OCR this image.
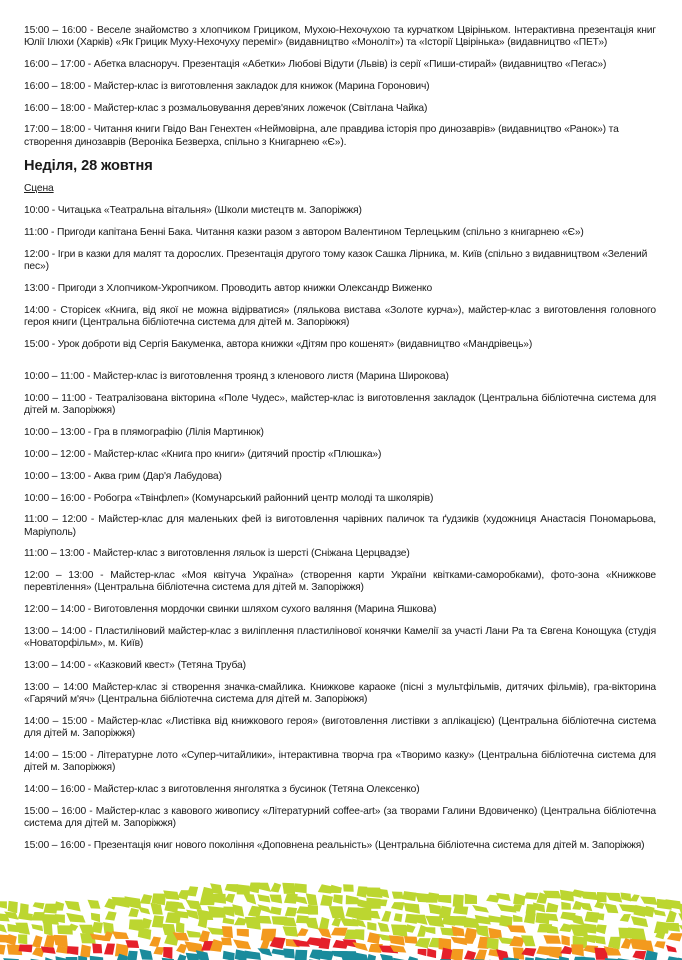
15:00 – 16:00 - Веселе знайомство з хлопчиком Грициком, Мухою-Нехочухою та курчатком Цвіріньком. Інтерактивна презентація книг Юлії Ілюхи (Харків) «Як Грицик Муху-Нехочуху переміг» (видавництво «Моноліт») та «Історії Цвірінька» (видавництво «ПЕТ»)

16:00 – 17:00 - Абетка власноруч. Презентація «Абетки» Любові Відути (Львів) із серії «Пиши-стирай» (видавництво «Пегас»)

16:00 – 18:00 - Майстер-клас із виготовлення закладок для книжок (Марина Горонович)

16:00 – 18:00 - Майстер-клас з розмальовування дерев'яних ложечок (Світлана Чайка)

17:00 – 18:00 - Читання книги Гвідо Ван Генехтен «Неймовірна, але правдива історія про динозаврів» (видавництво «Ранок») та створення динозаврів (Вероніка Безверха, спільно з Книгарнею «Є»).

Неділя, 28 жовтня
Сцена

10:00 - Читацька «Театральна вітальня» (Школи мистецтв м. Запоріжжя)

11:00 - Пригоди капітана Бенні Бака. Читання казки разом з автором Валентином Терлецьким (спільно з книгарнею «Є»)

12:00 - Ігри в казки для малят та дорослих. Презентація другого тому казок Сашка Лірника, м. Київ (спільно з видавництвом «Зелений пес»)

13:00 - Пригоди з Хлопчиком-Укропчиком. Проводить автор книжки Олександр Виженко

14:00 - Сторісек «Книга, від якої не можна відірватися» (лялькова вистава «Золоте курча»), майстер-клас з виготовлення головного героя книги (Центральна бібліотечна система для дітей м. Запоріжжя)

15:00 - Урок доброти від Сергія Бакуменка, автора книжки «Дітям про кошенят» (видавництво «Мандрівець»)

10:00 – 11:00 - Майстер-клас із виготовлення троянд з кленового листя (Марина Широкова)

10:00 – 11:00 - Театралізована вікторина «Поле Чудес», майстер-клас із виготовлення закладок (Центральна бібліотечна система для дітей м. Запоріжжя)

10:00 – 13:00 - Гра в плямографію (Лілія Мартинюк)

10:00 – 12:00 - Майстер-клас «Книга про книги» (дитячий простір «Плюшка»)

10:00 – 13:00 - Аква грим (Дар'я Лабудова)

10:00 – 16:00 - Робогра «Твінфлеп» (Комунарський районний центр молоді та школярів)

11:00 – 12:00 - Майстер-клас для маленьких фей із виготовлення чарівних паличок та ґудзиків (художниця Анастасія Пономарьова, Маріуполь)

11:00 – 13:00 - Майстер-клас з виготовлення ляльок із шерсті (Сніжана Церцвадзе)

12:00 – 13:00 - Майстер-клас «Моя квітуча Україна» (створення карти України квітками-саморобками), фото-зона «Книжкове перевтілення» (Центральна бібліотечна система для дітей м. Запоріжжя)

12:00 – 14:00 - Виготовлення мордочки свинки шляхом сухого валяння (Марина Яшкова)

13:00 – 14:00 - Пластиліновий майстер-клас з виліплення пластилінової конячки Камелії за участі Лани Ра та Євгена Конощука (студія «Новаторфільм», м. Київ)

13:00 – 14:00 - «Казковий квест» (Тетяна Труба)

13:00 – 14:00 Майстер-клас зі створення значка-смайлика. Книжкове караоке (пісні з мультфільмів, дитячих фільмів), гра-вікторина «Гарячий м'яч» (Центральна бібліотечна система для дітей м. Запоріжжя)

14:00 – 15:00 - Майстер-клас «Листівка від книжкового героя» (виготовлення листівки з аплікацією) (Центральна бібліотечна система для дітей м. Запоріжжя)

14:00 – 15:00 - Літературне лото «Супер-читайлики», інтерактивна творча гра «Творимо казку» (Центральна бібліотечна система для дітей м. Запоріжжя)

14:00 – 16:00 - Майстер-клас з виготовлення янголятка з бусинок (Тетяна Олексенко)

15:00 – 16:00 - Майстер-клас з кавового живопису «Літературний coffee-art» (за творами Галини Вдовиченко) (Центральна бібліотечна система для дітей м. Запоріжжя)

15:00 – 16:00 - Презентація книг нового покоління «Доповнена реальність» (Центральна бібліотечна система для дітей м. Запоріжжя)
